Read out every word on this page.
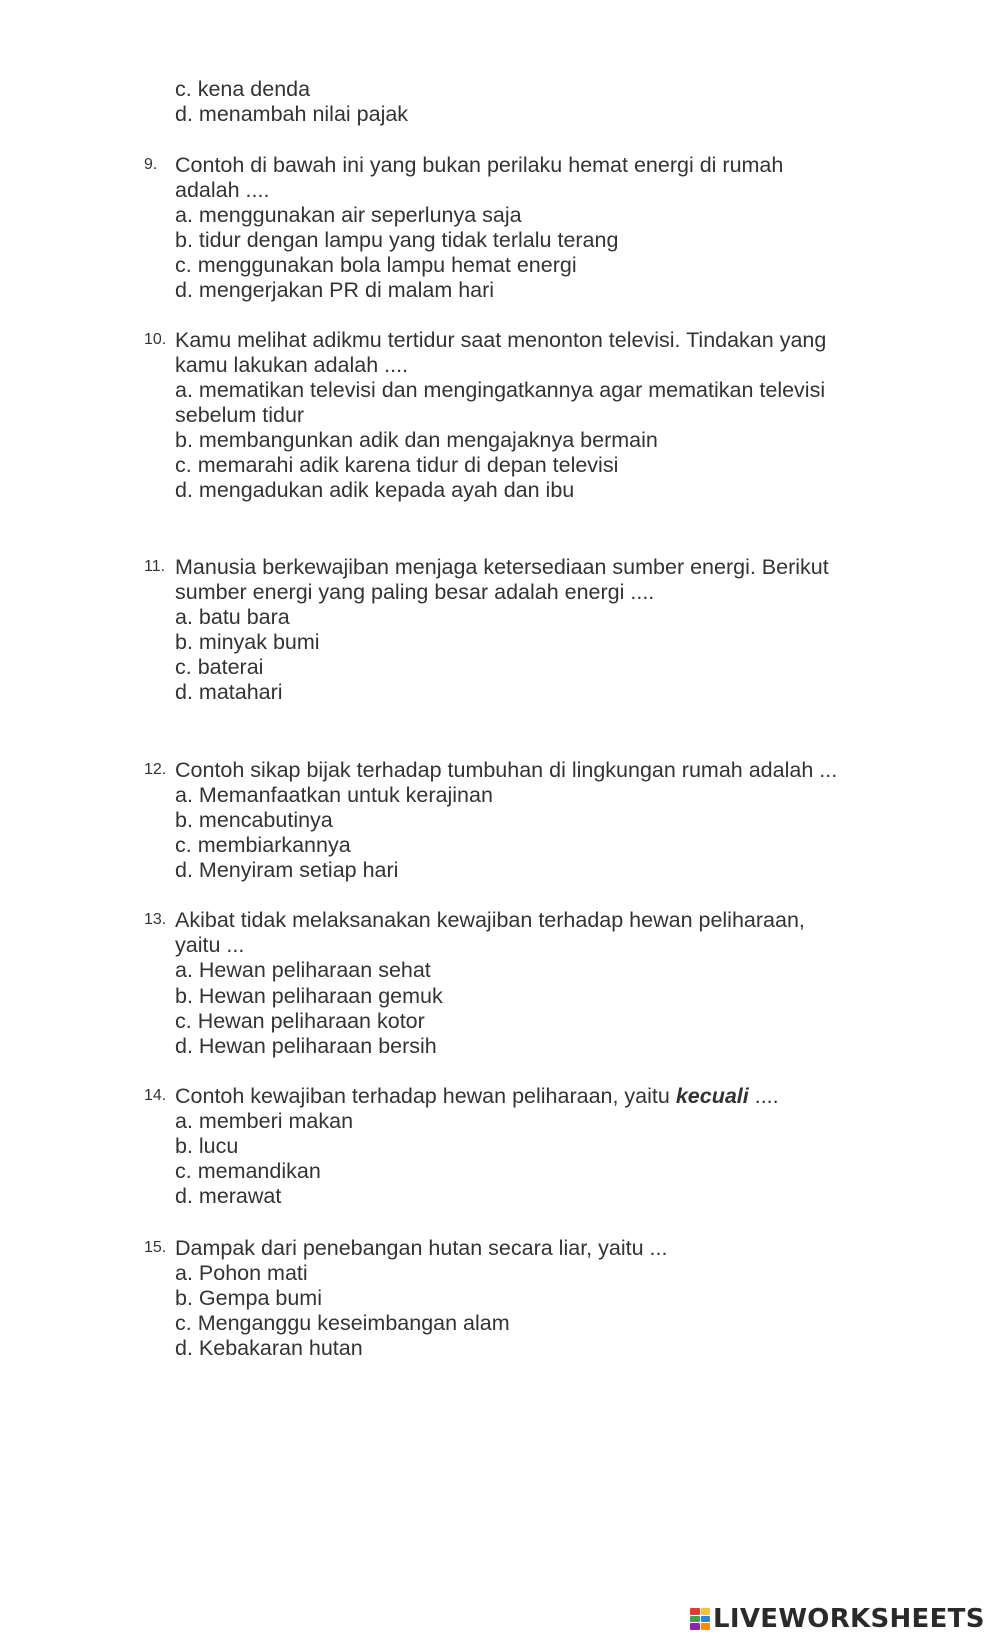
c. kena denda
d. menambah nilai pajak
9. Contoh di bawah ini yang bukan perilaku hemat energi di rumah
adalah ....
a. menggunakan air seperlunya saja
b. tidur dengan lampu yang tidak terlalu terang
c. menggunakan bola lampu hemat energi
d. mengerjakan PR di malam hari
10. Kamu melihat adikmu tertidur saat menonton televisi. Tindakan yang
kamu lakukan adalah ....
a. mematikan televisi dan mengingatkannya agar mematikan televisi
sebelum tidur
b. membangunkan adik dan mengajaknya bermain
c. memarahi adik karena tidur di depan televisi
d. mengadukan adik kepada ayah dan ibu
11. Manusia berkewajiban menjaga ketersediaan sumber energi. Berikut
sumber energi yang paling besar adalah energi ....
a. batu bara
b. minyak bumi
c. baterai
d. matahari
12. Contoh sikap bijak terhadap tumbuhan di lingkungan rumah adalah ...
a. Memanfaatkan untuk kerajinan
b. mencabutinya
c. membiarkannya
d. Menyiram setiap hari
13. Akibat tidak melaksanakan kewajiban terhadap hewan peliharaan,
yaitu ...
a. Hewan peliharaan sehat
b. Hewan peliharaan gemuk
c. Hewan peliharaan kotor
d. Hewan peliharaan bersih
14. Contoh kewajiban terhadap hewan peliharaan, yaitu kecuali ....
a. memberi makan
b. lucu
c. memandikan
d. merawat
15. Dampak dari penebangan hutan secara liar, yaitu ...
a. Pohon mati
b. Gempa bumi
c. Menganggu keseimbangan alam
d. Kebakaran hutan
LIVEWORKSHEETS
